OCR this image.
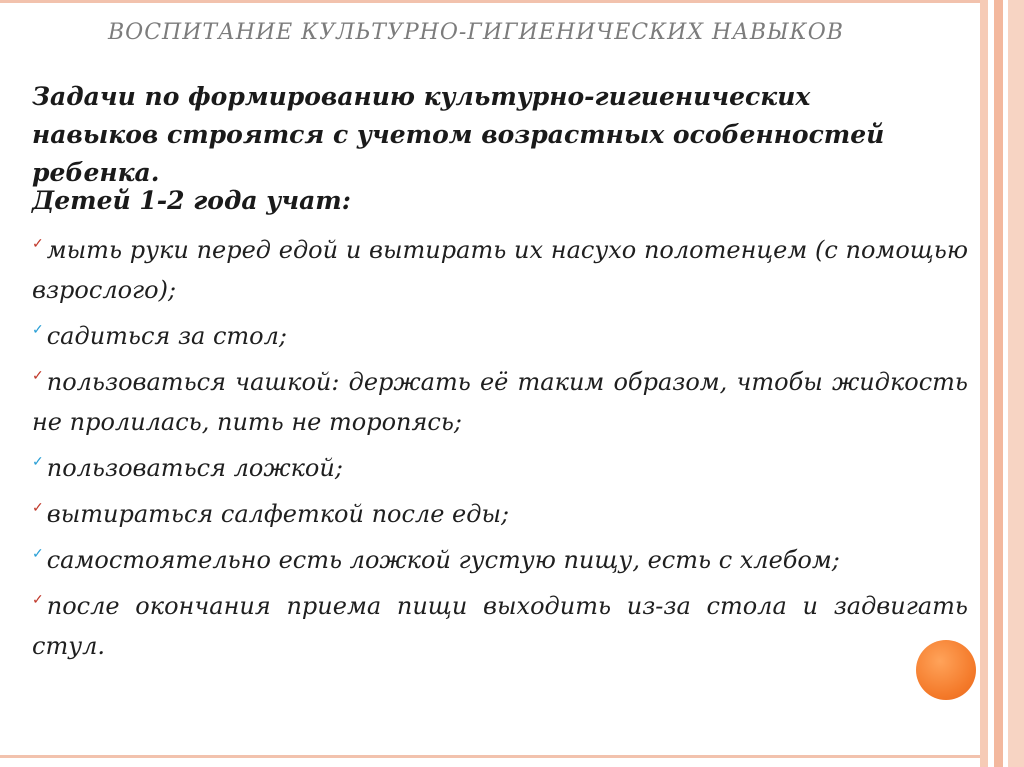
ВОСПИТАНИЕ КУЛЬТУРНО-ГИГИЕНИЧЕСКИХ НАВЫКОВ
Задачи по формированию культурно-гигиенических навыков строятся с учетом возрастных особенностей ребенка.
Детей 1-2 года учат:
✓ мыть руки перед едой и вытирать их насухо полотенцем (с помощью взрослого);
✓ садиться за стол;
✓ пользоваться чашкой: держать её таким образом, чтобы жидкость не пролилась, пить не торопясь;
✓ пользоваться ложкой;
✓ вытираться салфеткой после еды;
✓ самостоятельно есть ложкой густую пищу, есть с хлебом;
✓ после окончания приема пищи выходить из-за стола и задвигать стул.
